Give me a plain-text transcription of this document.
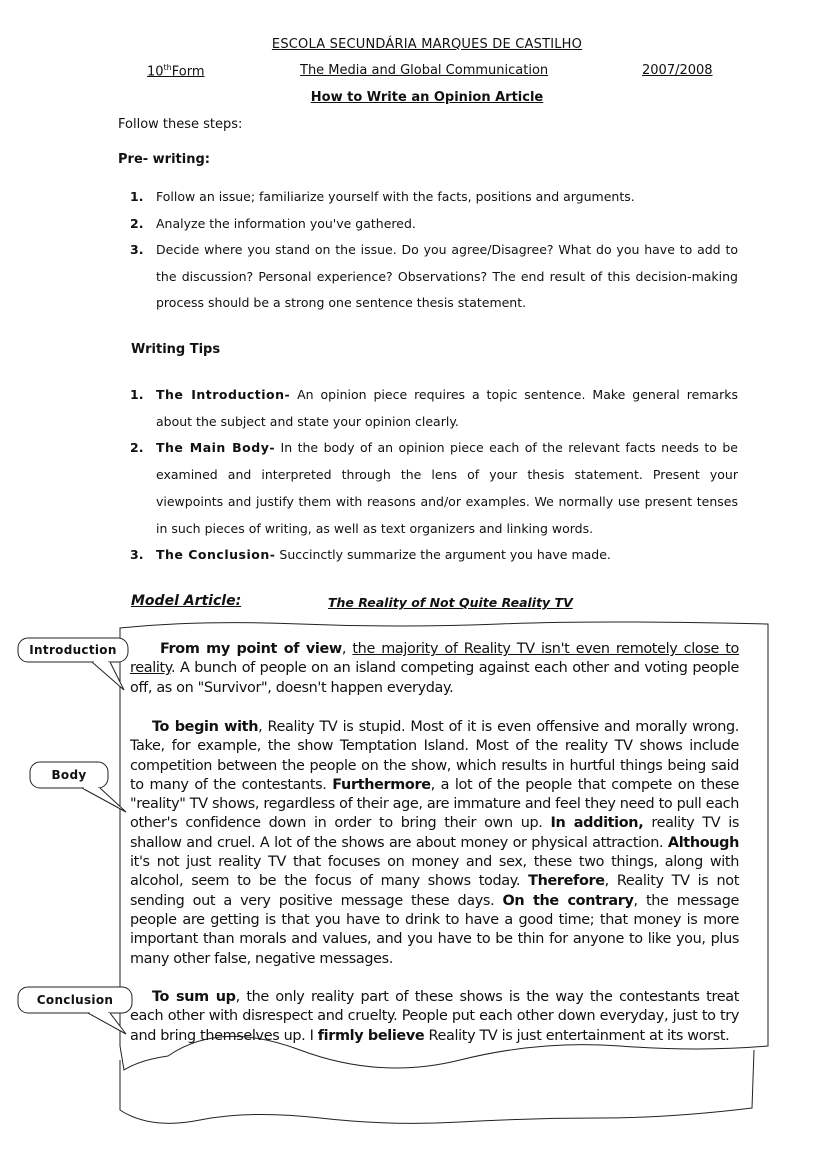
ESCOLA SECUNDÁRIA MARQUES DE CASTILHO
10thForm	The Media and Global Communication	2007/2008
How to Write an Opinion Article
Follow these steps:
Pre- writing:
1. Follow an issue; familiarize yourself with the facts, positions and arguments.
2. Analyze the information you've gathered.
3. Decide where you stand on the issue. Do you agree/Disagree? What do you have to add to the discussion? Personal experience? Observations? The end result of this decision-making process should be a strong one sentence thesis statement.
Writing Tips
1. The Introduction- An opinion piece requires a topic sentence. Make general remarks about the subject and state your opinion clearly.
2. The Main Body- In the body of an opinion piece each of the relevant facts needs to be examined and interpreted through the lens of your thesis statement. Present your viewpoints and justify them with reasons and/or examples. We normally use present tenses in such pieces of writing, as well as text organizers and linking words.
3. The Conclusion- Succinctly summarize the argument you have made.
Model Article:	The Reality of Not Quite Reality TV
Introduction
Body
Conclusion
From my point of view, the majority of Reality TV isn't even remotely close to reality. A bunch of people on an island competing against each other and voting people off, as on "Survivor", doesn't happen everyday.
To begin with, Reality TV is stupid. Most of it is even offensive and morally wrong. Take, for example, the show Temptation Island. Most of the reality TV shows include competition between the people on the show, which results in hurtful things being said to many of the contestants. Furthermore, a lot of the people that compete on these "reality" TV shows, regardless of their age, are immature and feel they need to pull each other's confidence down in order to bring their own up. In addition, reality TV is shallow and cruel. A lot of the shows are about money or physical attraction. Although it's not just reality TV that focuses on money and sex, these two things, along with alcohol, seem to be the focus of many shows today. Therefore, Reality TV is not sending out a very positive message these days. On the contrary, the message people are getting is that you have to drink to have a good time; that money is more important than morals and values, and you have to be thin for anyone to like you, plus many other false, negative messages.
To sum up, the only reality part of these shows is the way the contestants treat each other with disrespect and cruelty. People put each other down everyday, just to try and bring themselves up. I firmly believe Reality TV is just entertainment at its worst.
